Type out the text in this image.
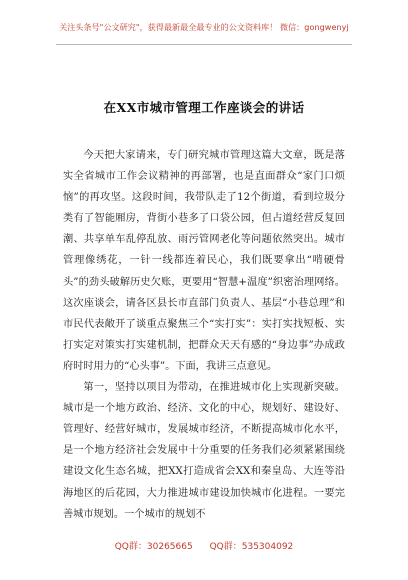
关注头条号"公文研究"，获得最新最全最专业的公文资料库！ 微信：gongwenyj
在XX市城市管理工作座谈会的讲话

今天把大家请来，专门研究城市管理这篇大文章，既是落实全省城市工作会议精神的再部署，也是直面群众“家门口烦恼”的再攻坚。这段时间，我带队走了12个街道，看到垃圾分类有了智能厢房，背街小巷多了口袋公园，但占道经营反复回潮、共享单车乱停乱放、雨污管网老化等问题依然突出。城市管理像绣花，一针一线都连着民心，我们既要拿出“啃硬骨头”的劲头破解历史欠账，更要用“智慧+温度”织密治理网络。这次座谈会，请各区县长市直部门负责人、基层“小巷总理”和市民代表敞开了谈重点聚焦三个“实打实”：实打实找短板、实打实定对策实打实建机制，把群众天天有感的“身边事”办成政府时时用力的“心头事”。下面，我讲三点意见。

第一，坚持以项目为带动，在推进城市化上实现新突破。城市是一个地方政治、经济、文化的中心，规划好、建设好、管理好、经营好城市，发展城市经济，不断提高城市化水平，是一个地方经济社会发展中十分重要的任务我们必须紧紧围绕建设文化生态名城，把XX打造成省会XX和秦皇岛、大连等沿海地区的后花园，大力推进城市建设加快城市化进程。一要完善城市规划。一个城市的规划不

QQ群：30265665 QQ群：535304092
